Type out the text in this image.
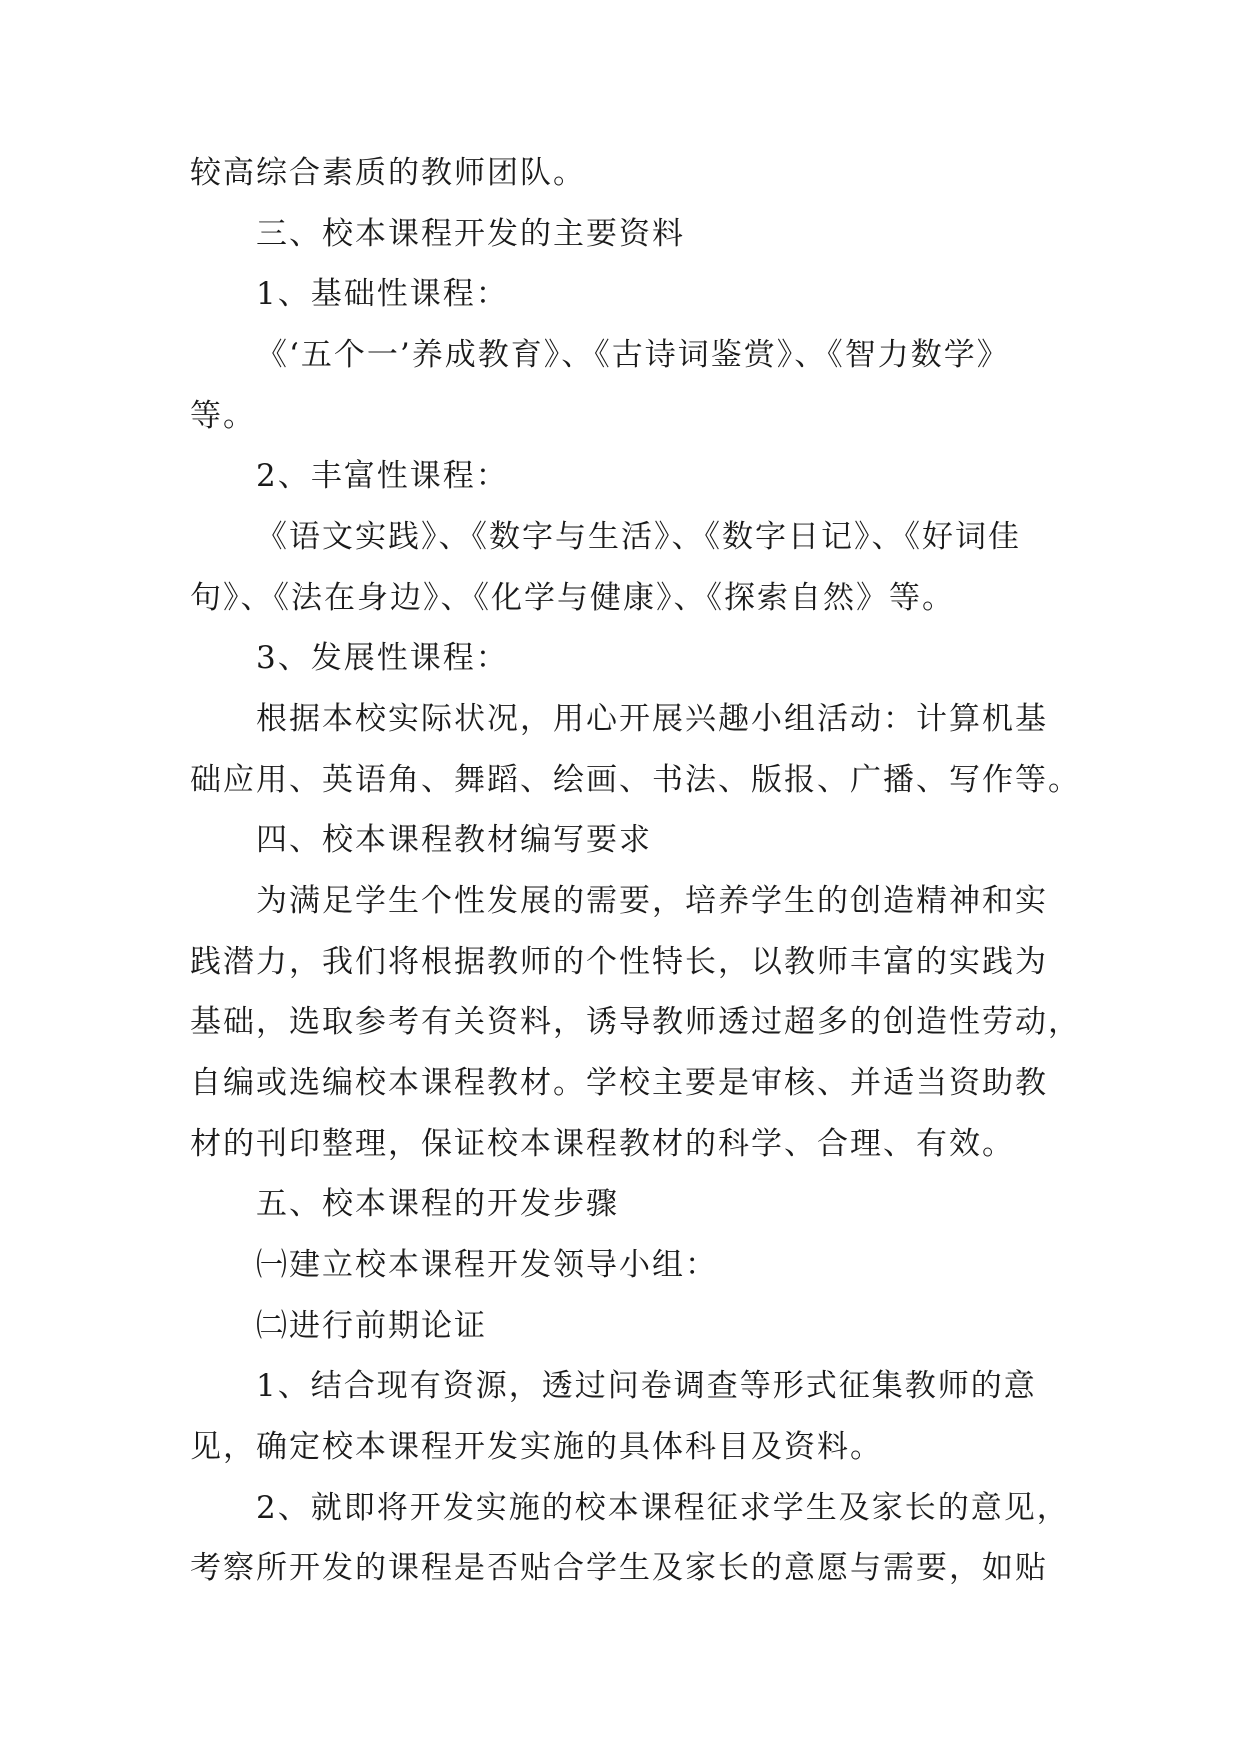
较高综合素质的教师团队。
三、校本课程开发的主要资料
1、基础性课程：
《‘五个一’养成教育》、《古诗词鉴赏》、《智力数学》
等。
2、丰富性课程：
《语文实践》、《数字与生活》、《数字日记》、《好词佳
句》、《法在身边》、《化学与健康》、《探索自然》等。
3、发展性课程：
根据本校实际状况，用心开展兴趣小组活动：计算机基
础应用、英语角、舞蹈、绘画、书法、版报、广播、写作等。
四、校本课程教材编写要求
为满足学生个性发展的需要，培养学生的创造精神和实
践潜力，我们将根据教师的个性特长，以教师丰富的实践为
基础，选取参考有关资料，诱导教师透过超多的创造性劳动，
自编或选编校本课程教材。学校主要是审核、并适当资助教
材的刊印整理，保证校本课程教材的科学、合理、有效。
五、校本课程的开发步骤
㈠建立校本课程开发领导小组：
㈡进行前期论证
1、结合现有资源，透过问卷调查等形式征集教师的意
见，确定校本课程开发实施的具体科目及资料。
2、就即将开发实施的校本课程征求学生及家长的意见，
考察所开发的课程是否贴合学生及家长的意愿与需要，如贴
